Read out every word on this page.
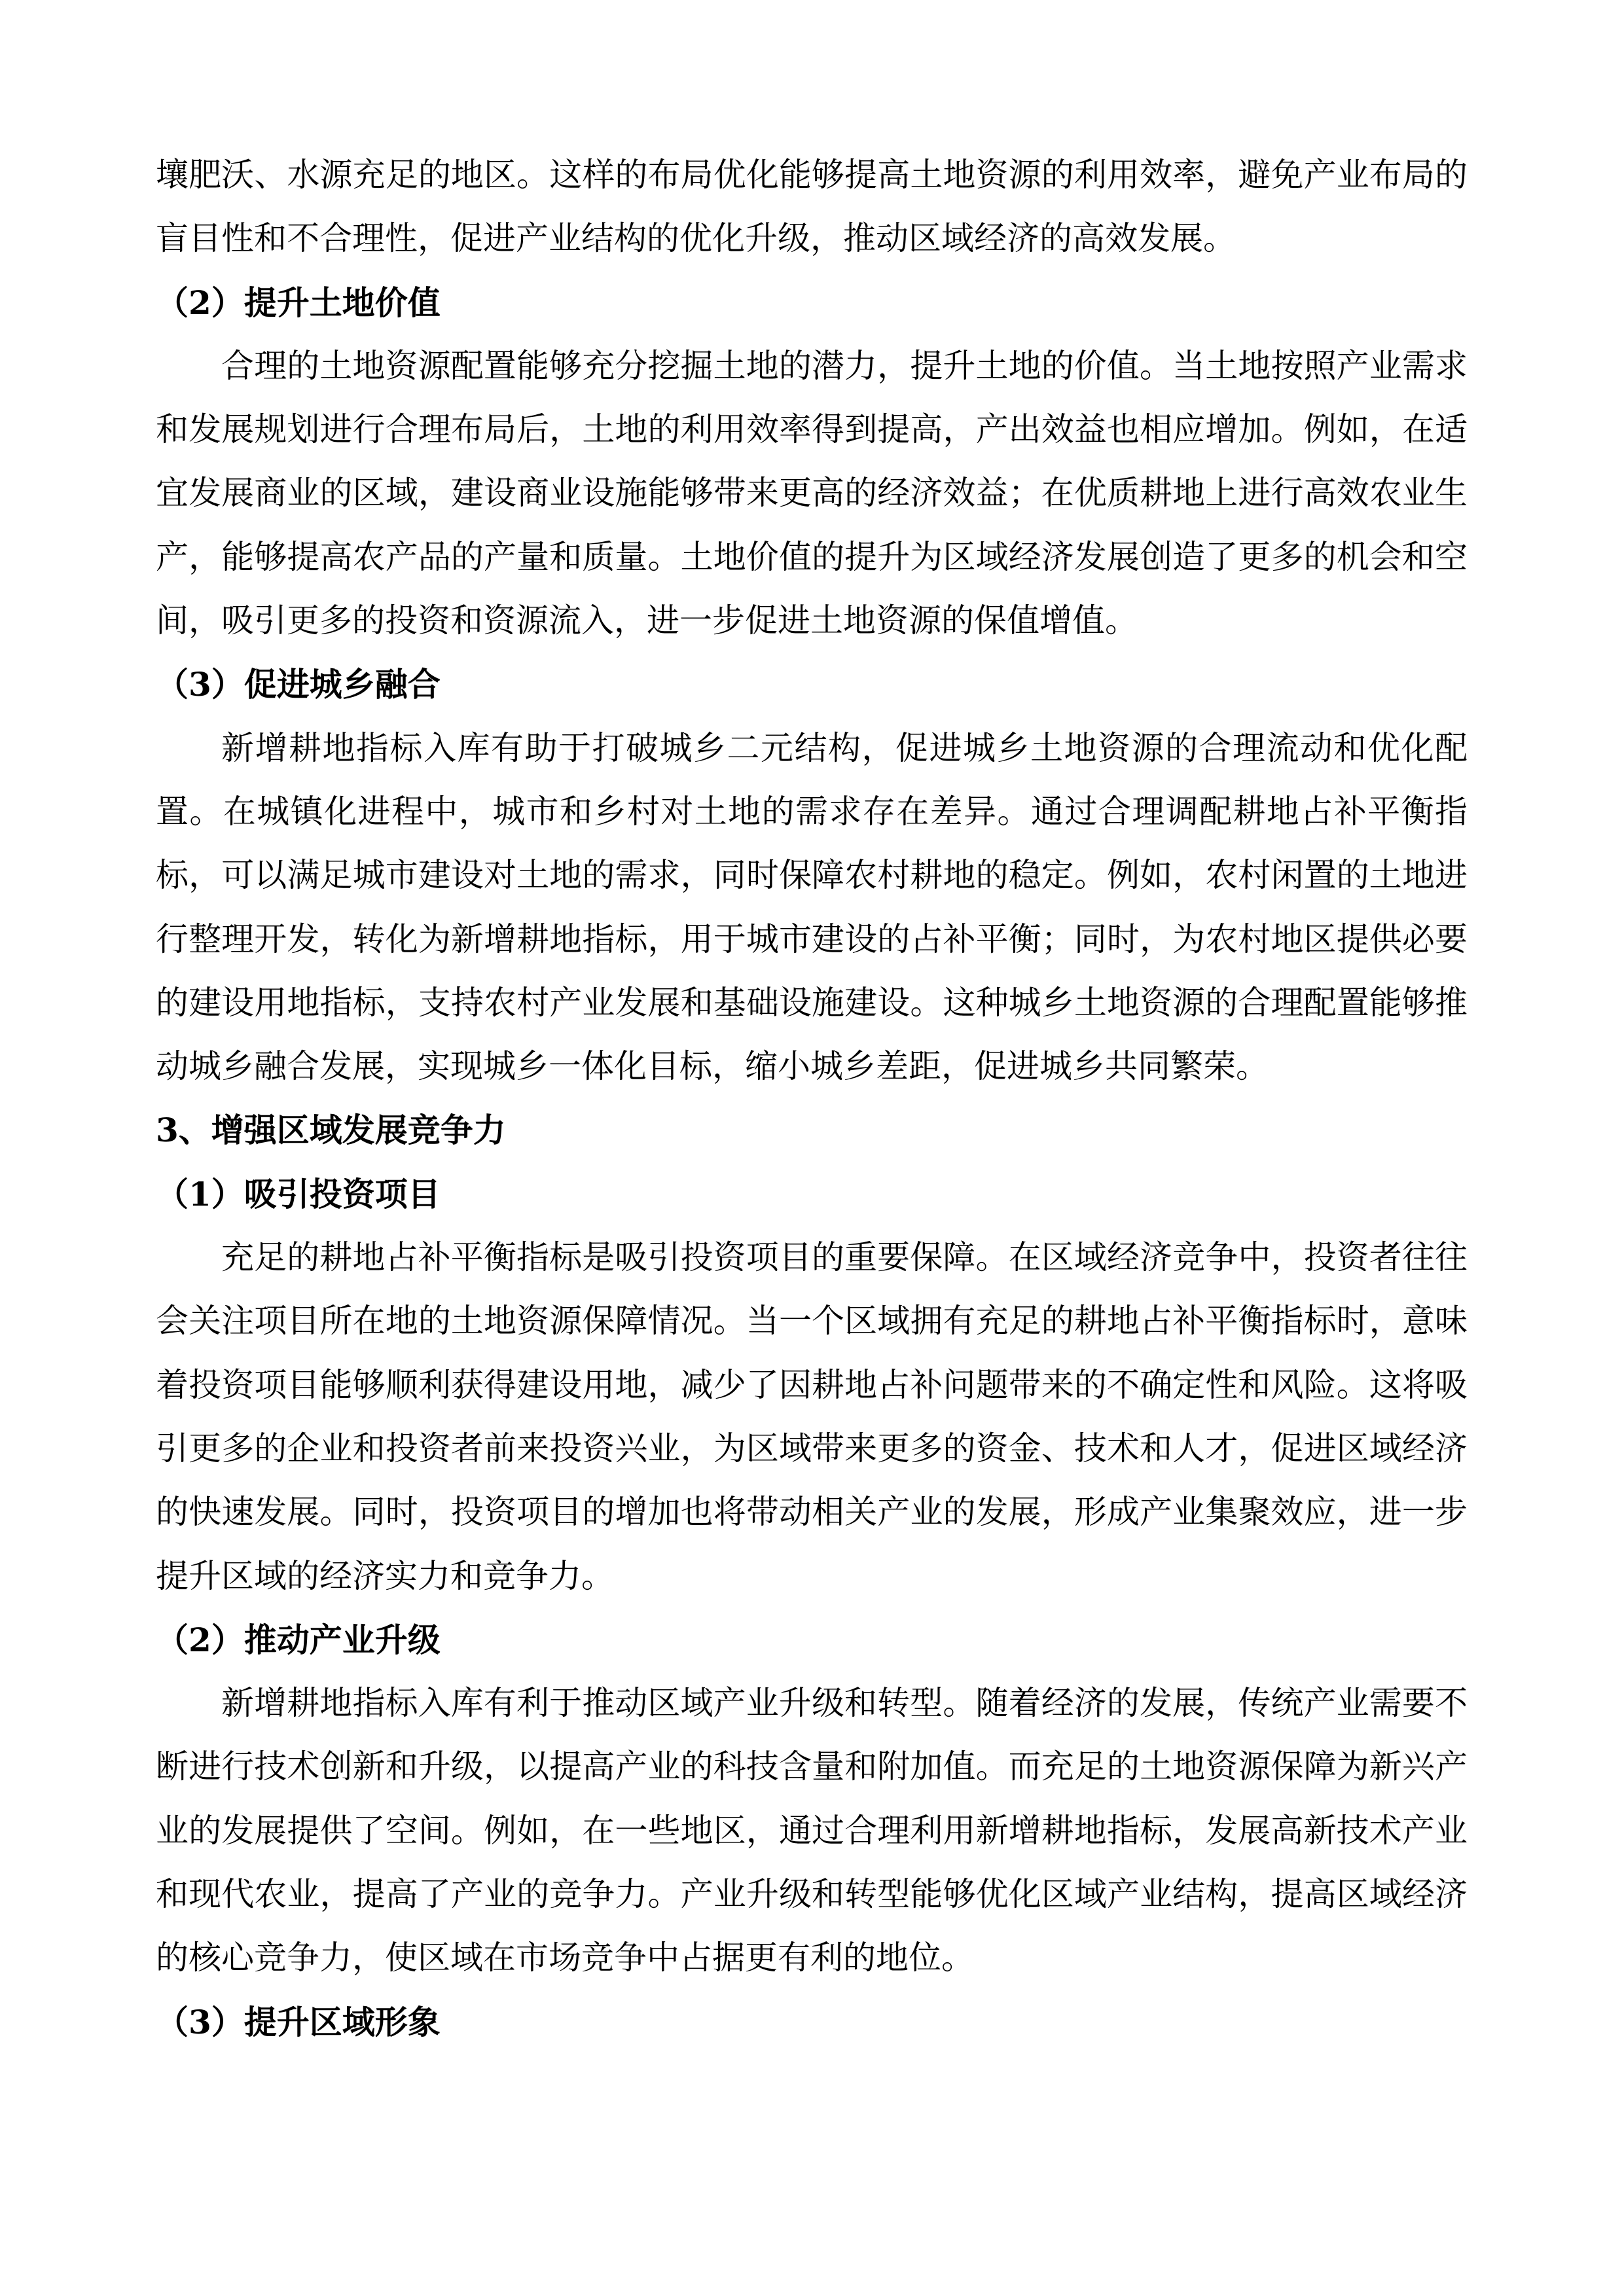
壤肥沃、水源充足的地区。这样的布局优化能够提高土地资源的利用效率，避免产业布局的
盲目性和不合理性，促进产业结构的优化升级，推动区域经济的高效发展。
（2）提升土地价值
合理的土地资源配置能够充分挖掘土地的潜力，提升土地的价值。当土地按照产业需求
和发展规划进行合理布局后，土地的利用效率得到提高，产出效益也相应增加。例如，在适
宜发展商业的区域，建设商业设施能够带来更高的经济效益；在优质耕地上进行高效农业生
产，能够提高农产品的产量和质量。土地价值的提升为区域经济发展创造了更多的机会和空
间，吸引更多的投资和资源流入，进一步促进土地资源的保值增值。
（3）促进城乡融合
新增耕地指标入库有助于打破城乡二元结构，促进城乡土地资源的合理流动和优化配
置。在城镇化进程中，城市和乡村对土地的需求存在差异。通过合理调配耕地占补平衡指
标，可以满足城市建设对土地的需求，同时保障农村耕地的稳定。例如，农村闲置的土地进
行整理开发，转化为新增耕地指标，用于城市建设的占补平衡；同时，为农村地区提供必要
的建设用地指标，支持农村产业发展和基础设施建设。这种城乡土地资源的合理配置能够推
动城乡融合发展，实现城乡一体化目标，缩小城乡差距，促进城乡共同繁荣。
3、增强区域发展竞争力
（1）吸引投资项目
充足的耕地占补平衡指标是吸引投资项目的重要保障。在区域经济竞争中，投资者往往
会关注项目所在地的土地资源保障情况。当一个区域拥有充足的耕地占补平衡指标时，意味
着投资项目能够顺利获得建设用地，减少了因耕地占补问题带来的不确定性和风险。这将吸
引更多的企业和投资者前来投资兴业，为区域带来更多的资金、技术和人才，促进区域经济
的快速发展。同时，投资项目的增加也将带动相关产业的发展，形成产业集聚效应，进一步
提升区域的经济实力和竞争力。
（2）推动产业升级
新增耕地指标入库有利于推动区域产业升级和转型。随着经济的发展，传统产业需要不
断进行技术创新和升级，以提高产业的科技含量和附加值。而充足的土地资源保障为新兴产
业的发展提供了空间。例如，在一些地区，通过合理利用新增耕地指标，发展高新技术产业
和现代农业，提高了产业的竞争力。产业升级和转型能够优化区域产业结构，提高区域经济
的核心竞争力，使区域在市场竞争中占据更有利的地位。
（3）提升区域形象
